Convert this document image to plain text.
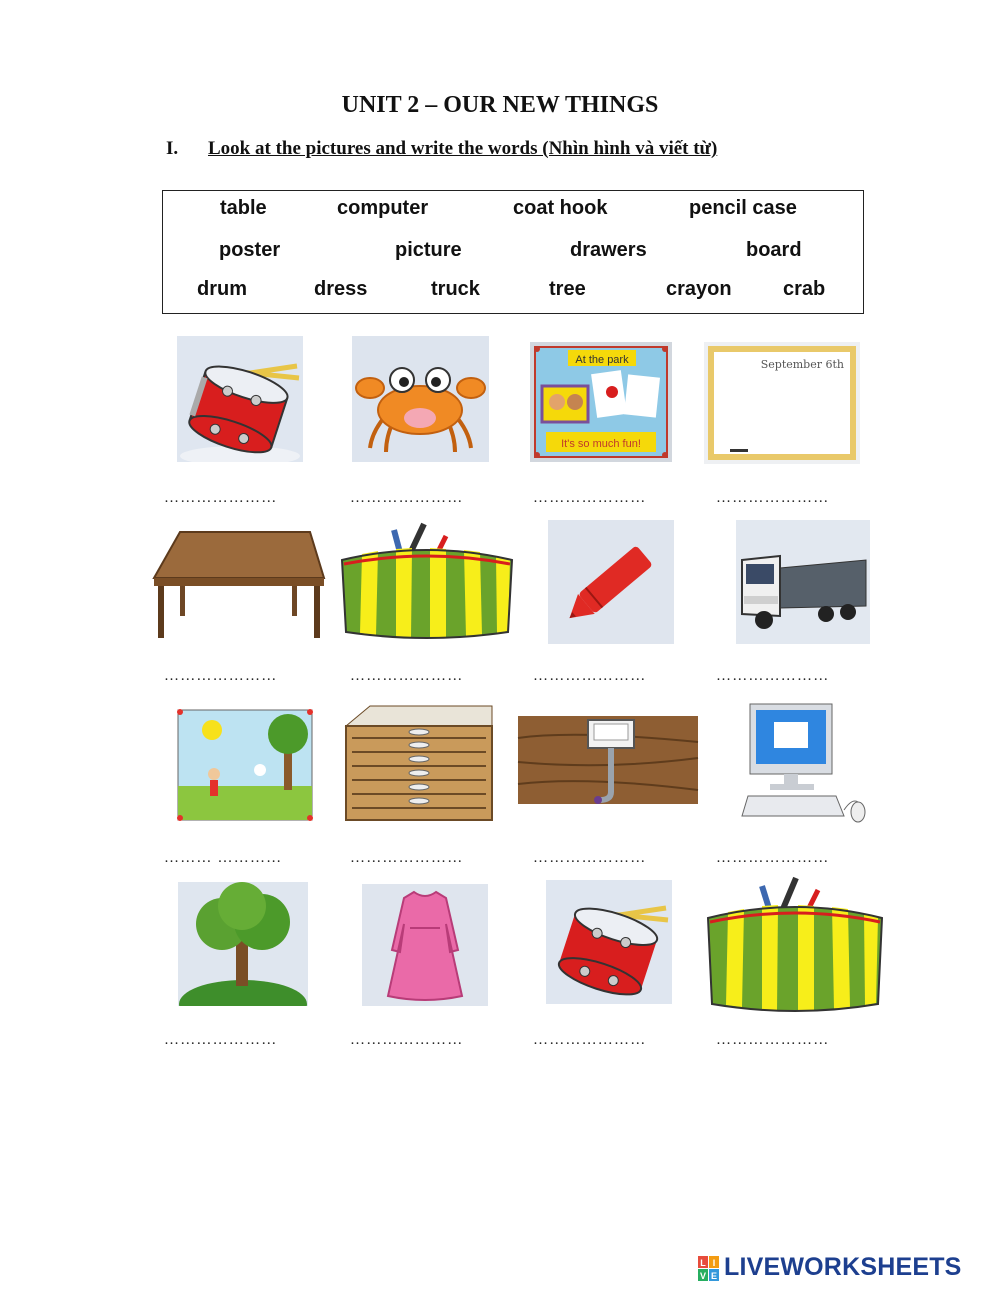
UNIT 2 – OUR NEW THINGS
I. Look at the pictures and write the words (Nhìn hình và viết từ)
table	computer	coat hook	pencil case
poster	picture	drawers	board
drum	dress	truck	tree	crayon	crab
At the park
It's so much fun!
September 6th
…………………	…………………	…………………	…………………
…………………	…………………	…………………	…………………
……… …………	…………………	…………………	…………………
…………………	…………………	…………………	…………………
L I
V E LIVEWORKSHEETS
